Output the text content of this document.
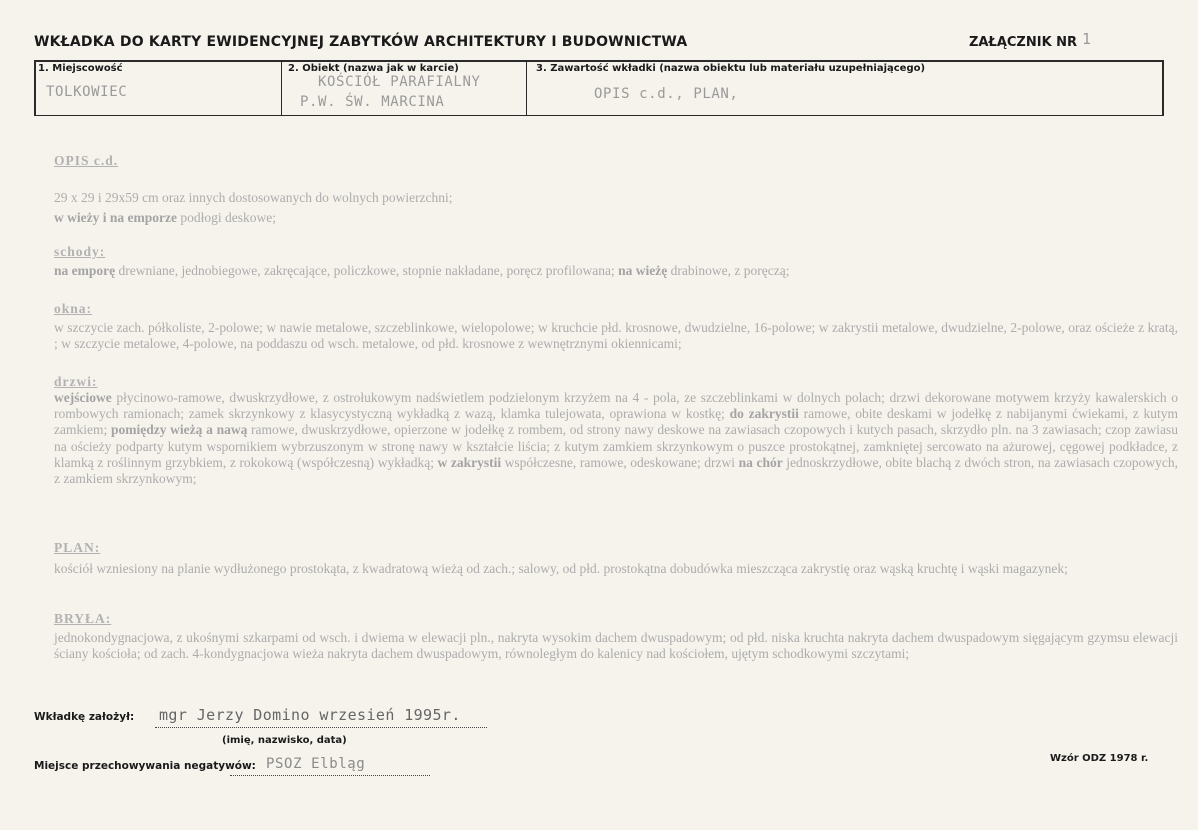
WKŁADKA DO KARTY EWIDENCYJNEJ ZABYTKÓW ARCHITEKTURY I BUDOWNICTWA	ZAŁĄCZNIK NR 1
1. Miejscowość
TOLKOWIEC
2. Obiekt (nazwa jak w karcie)
KOŚCIÓŁ PARAFIALNY
P.W. ŚW. MARCINA
3. Zawartość wkładki (nazwa obiektu lub materiału uzupełniającego)
OPIS c.d., PLAN,
OPIS c.d.
29 x 29 i 29x59 cm oraz innych dostosowanych do wolnych powierzchni;
w wieży i na emporze podłogi deskowe;
schody:
na emporę drewniane, jednobiegowe, zakręcające, policzkowe, stopnie nakładane, poręcz profilowana; na wieżę drabinowe, z poręczą;
okna:
w szczycie zach. półkoliste, 2-polowe; w nawie metalowe, szczeblinkowe, wielopolowe; w kruchcie płd. krosnowe, dwudzielne, 16-polowe; w zakrystii metalowe, dwudzielne, 2-polowe, oraz ościeże z kratą, ; w szczycie metalowe, 4-polowe, na poddaszu od wsch. metalowe, od płd. krosnowe z wewnętrznymi okiennicami;
drzwi:
wejściowe płycinowo-ramowe, dwuskrzydłowe, z ostrołukowym nadświetlem podzielonym krzyżem na 4 - pola, ze szczeblinkami w dolnych polach; drzwi dekorowane motywem krzyży kawalerskich o rombowych ramionach; zamek skrzynkowy z klasycystyczną wykładką z wazą, klamka tulejowata, oprawiona w kostkę; do zakrystii ramowe, obite deskami w jodełkę z nabijanymi ćwiekami, z kutym zamkiem; pomiędzy wieżą a nawą ramowe, dwuskrzydłowe, opierzone w jodełkę z rombem, od strony nawy deskowe na zawiasach czopowych i kutych pasach, skrzydło pln. na 3 zawiasach; czop zawiasu na ościeży podparty kutym wspornikiem wybrzuszonym w stronę nawy w kształcie liścia; z kutym zamkiem skrzynkowym o puszce prostokątnej, zamkniętej sercowato na ażurowej, cęgowej podkładce, z klamką z roślinnym grzybkiem, z rokokową (współczesną) wykładką; w zakrystii współczesne, ramowe, odeskowane; drzwi na chór jednoskrzydłowe, obite blachą z dwóch stron, na zawiasach czopowych, z zamkiem skrzynkowym;
PLAN:
kościół wzniesiony na planie wydłużonego prostokąta, z kwadratową wieżą od zach.; salowy, od płd. prostokątna dobudówka mieszcząca zakrystię oraz wąską kruchtę i wąski magazynek;
BRYŁA:
jednokondygnacjowa, z ukośnymi szkarpami od wsch. i dwiema w elewacji pln., nakryta wysokim dachem dwuspadowym; od płd. niska kruchta nakryta dachem dwuspadowym sięgającym gzymsu elewacji ściany kościoła; od zach. 4-kondygnacjowa wieża nakryta dachem dwuspadowym, równoległym do kalenicy nad kościołem, ujętym schodkowymi szczytami;
Wkładkę założył: mgr Jerzy Domino wrzesień 1995r.
(imię, nazwisko, data)
Miejsce przechowywania negatywów: PSOZ Elbląg	Wzór ODZ 1978 r.
